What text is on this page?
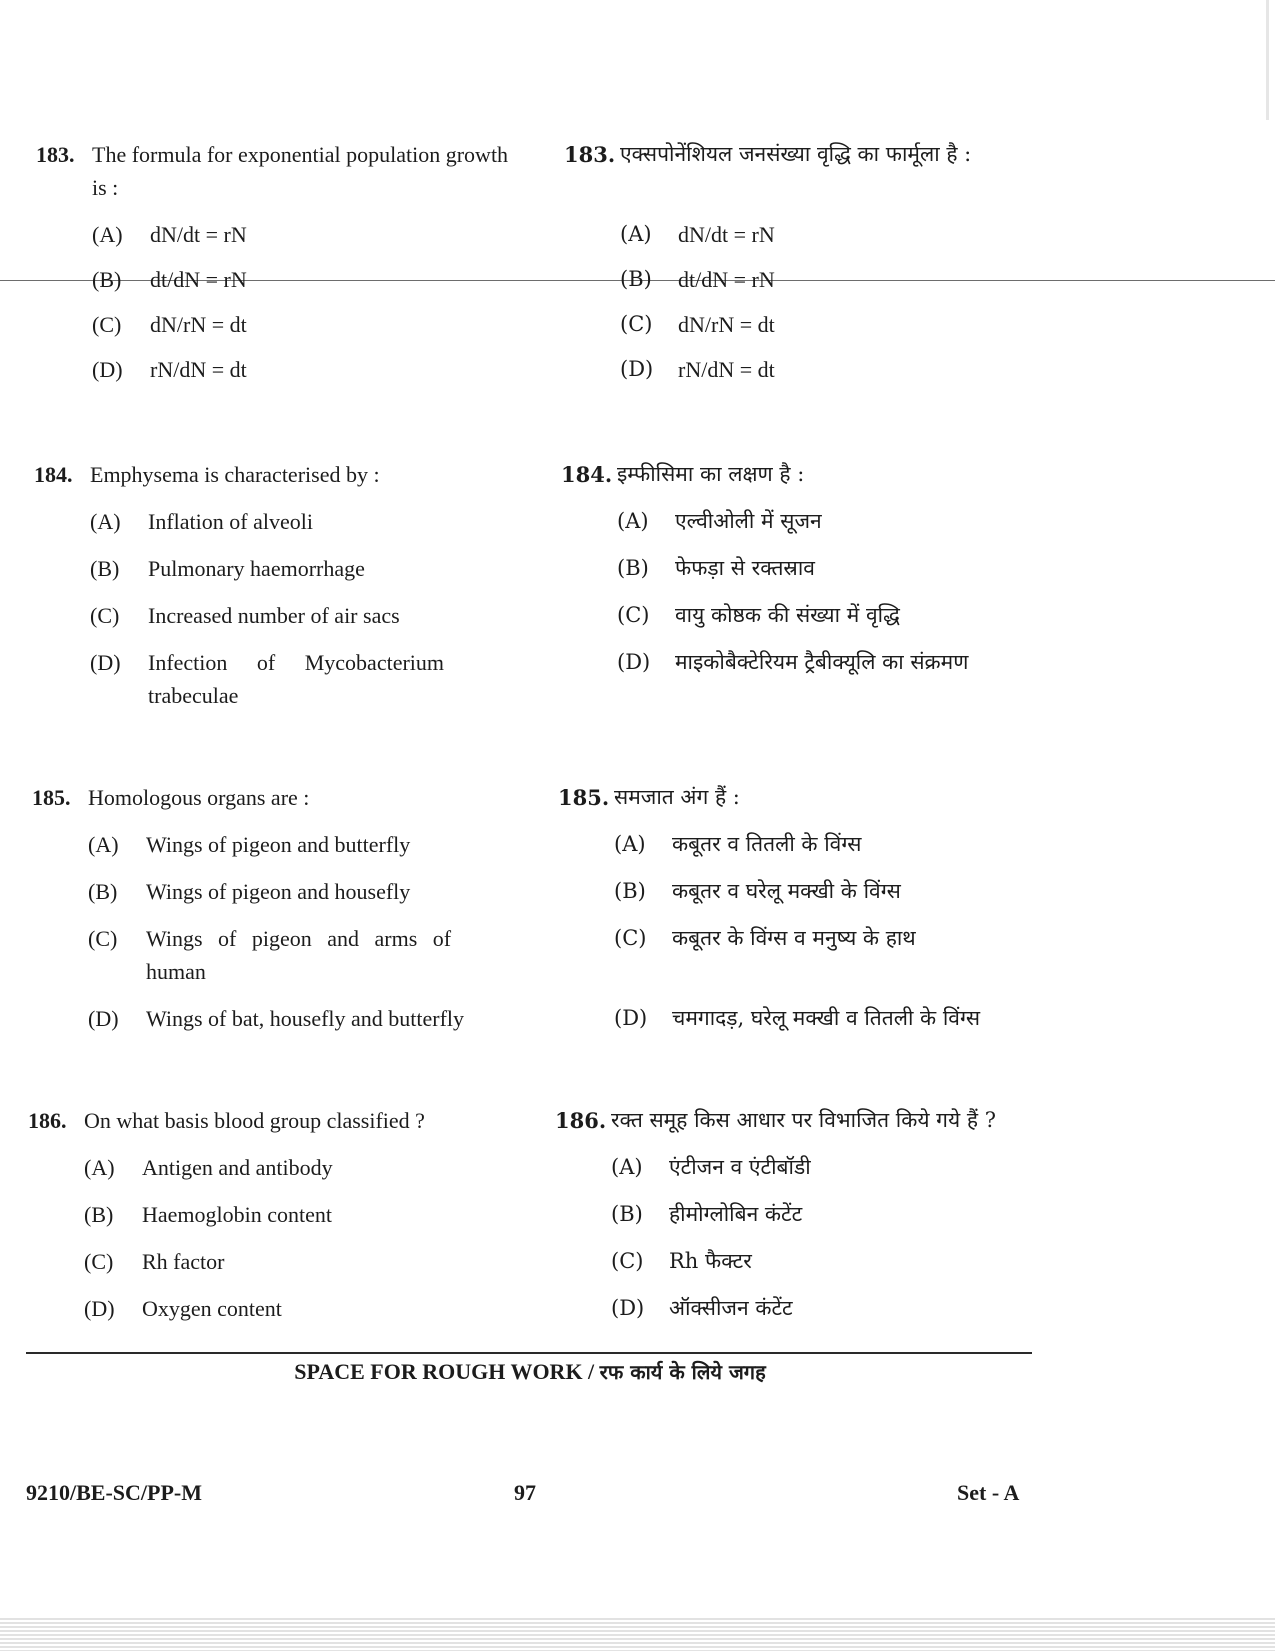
183. The formula for exponential population growth is :
(A)	dN/dt = rN
(B)	dt/dN = rN
(C)	dN/rN = dt
(D)	rN/dN = dt
183. एक्सपोनेंशियल जनसंख्या वृद्धि का फार्मूला है :
(A)	dN/dt = rN
(B)	dt/dN = rN
(C)	dN/rN = dt
(D)	rN/dN = dt
184. Emphysema is characterised by :
(A)	Inflation of alveoli
(B)	Pulmonary haemorrhage
(C)	Increased number of air sacs
(D)	Infection of Mycobacterium trabeculae
184. इम्फीसिमा का लक्षण है :
(A)	एल्वीओली में सूजन
(B)	फेफड़ा से रक्तस्राव
(C)	वायु कोष्ठक की संख्या में वृद्धि
(D)	माइकोबैक्टेरियम ट्रैबीक्यूलि का संक्रमण
185. Homologous organs are :
(A)	Wings of pigeon and butterfly
(B)	Wings of pigeon and housefly
(C)	Wings of pigeon and arms of human
(D)	Wings of bat, housefly and butterfly
185. समजात अंग हैं :
(A)	कबूतर व तितली के विंग्स
(B)	कबूतर व घरेलू मक्खी के विंग्स
(C)	कबूतर के विंग्स व मनुष्य के हाथ
(D)	चमगादड़, घरेलू मक्खी व तितली के विंग्स
186. On what basis blood group classified ?
(A)	Antigen and antibody
(B)	Haemoglobin content
(C)	Rh factor
(D)	Oxygen content
186. रक्त समूह किस आधार पर विभाजित किये गये हैं ?
(A)	एंटीजन व एंटीबॉडी
(B)	हीमोग्लोबिन कंटेंट
(C)	Rh फैक्टर
(D)	ऑक्सीजन कंटेंट
SPACE FOR ROUGH WORK / रफ कार्य के लिये जगह
9210/BE-SC/PP-M	97	Set - A
